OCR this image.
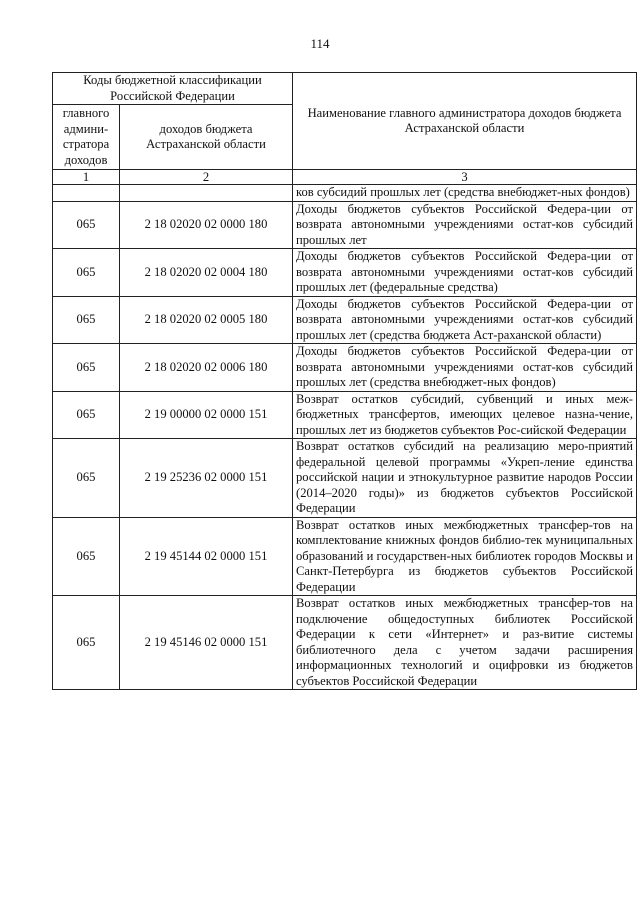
114
Коды бюджетной классификации Российской Федерации		Наименование главного администратора доходов бюджета Астраханской области
главного админи-стратора доходов	доходов бюджета Астраханской области	
1	2	3
		ков субсидий прошлых лет (средства внебюджет-ных фондов)
065	2 18 02020 02 0000 180	Доходы бюджетов субъектов Российской Федера-ции от возврата автономными учреждениями остат-ков субсидий прошлых лет
065	2 18 02020 02 0004 180	Доходы бюджетов субъектов Российской Федера-ции от возврата автономными учреждениями остат-ков субсидий прошлых лет (федеральные средства)
065	2 18 02020 02 0005 180	Доходы бюджетов субъектов Российской Федера-ции от возврата автономными учреждениями остат-ков субсидий прошлых лет (средства бюджета Аст-раханской области)
065	2 18 02020 02 0006 180	Доходы бюджетов субъектов Российской Федера-ции от возврата автономными учреждениями остат-ков субсидий прошлых лет (средства внебюджет-ных фондов)
065	2 19 00000 02 0000 151	Возврат остатков субсидий, субвенций и иных меж-бюджетных трансфертов, имеющих целевое назна-чение, прошлых лет из бюджетов субъектов Рос-сийской Федерации
065	2 19 25236 02 0000 151	Возврат остатков субсидий на реализацию меро-приятий федеральной целевой программы «Укреп-ление единства российской нации и этнокультурное развитие народов России (2014–2020 годы)» из бюджетов субъектов Российской Федерации
065	2 19 45144 02 0000 151	Возврат остатков иных межбюджетных трансфер-тов на комплектование книжных фондов библио-тек муниципальных образований и государствен-ных библиотек городов Москвы и Санкт-Петербурга из бюджетов субъектов Российской Федерации
065	2 19 45146 02 0000 151	Возврат остатков иных межбюджетных трансфер-тов на подключение общедоступных библиотек Российской Федерации к сети «Интернет» и раз-витие системы библиотечного дела с учетом задачи расширения информационных технологий и оцифровки из бюджетов субъектов Российской Федерации
